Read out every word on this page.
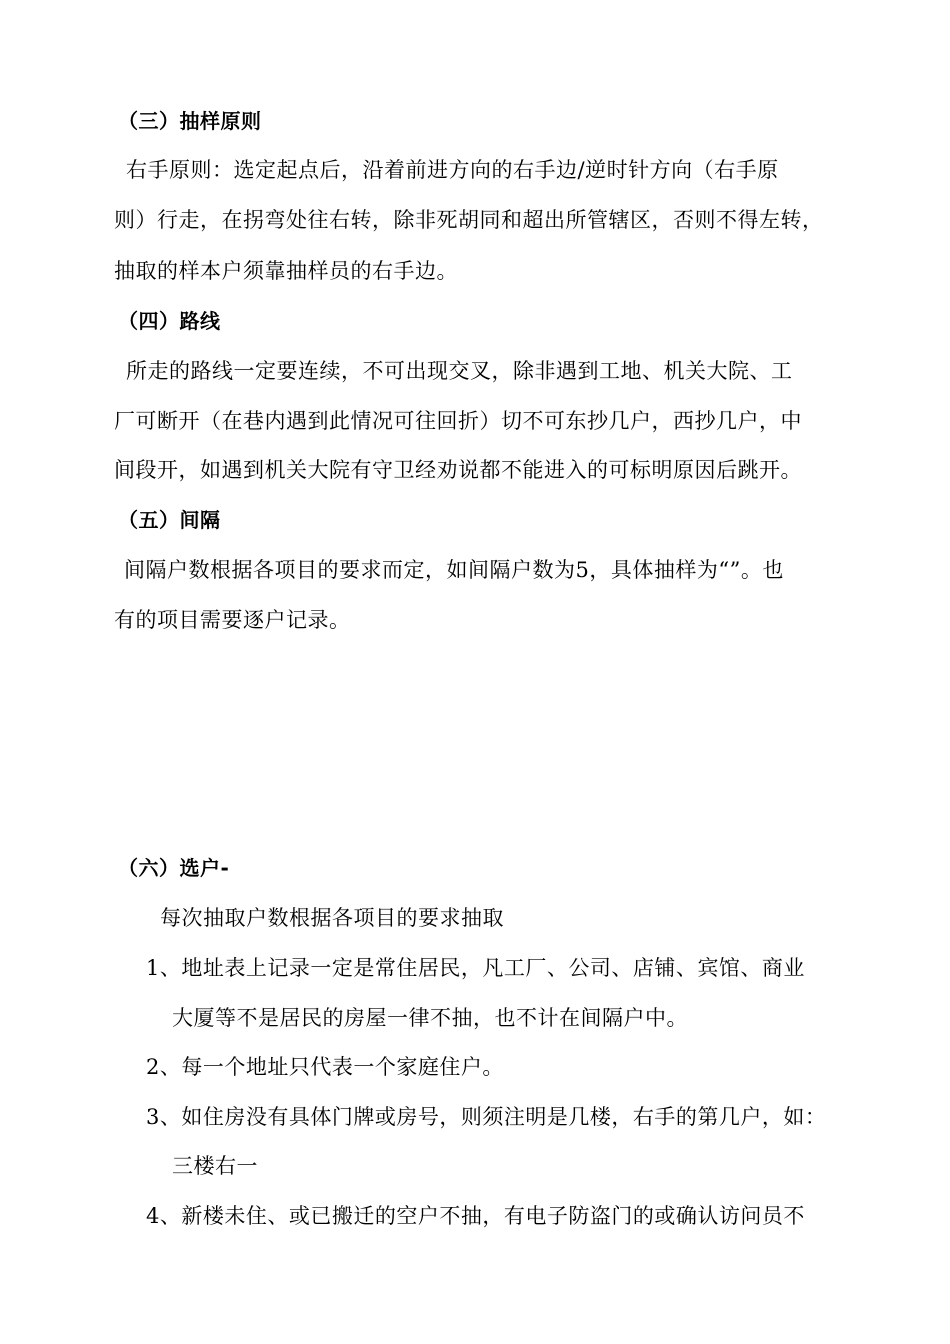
（三）抽样原则
右手原则：选定起点后，沿着前进方向的右手边/逆时针方向（右手原
则）行走，在拐弯处往右转，除非死胡同和超出所管辖区，否则不得左转，
抽取的样本户须靠抽样员的右手边。
（四）路线
所走的路线一定要连续，不可出现交叉，除非遇到工地、机关大院、工
厂可断开（在巷内遇到此情况可往回折）切不可东抄几户，西抄几户，中
间段开，如遇到机关大院有守卫经劝说都不能进入的可标明原因后跳开。
（五）间隔
间隔户数根据各项目的要求而定，如间隔户数为5，具体抽样为“”。也
有的项目需要逐户记录。
（六）选户-
每次抽取户数根据各项目的要求抽取
1、地址表上记录一定是常住居民，凡工厂、公司、店铺、宾馆、商业
大厦等不是居民的房屋一律不抽，也不计在间隔户中。
2、每一个地址只代表一个家庭住户。
3、如住房没有具体门牌或房号，则须注明是几楼，右手的第几户，如：
三楼右一
4、新楼未住、或已搬迁的空户不抽，有电子防盗门的或确认访问员不
